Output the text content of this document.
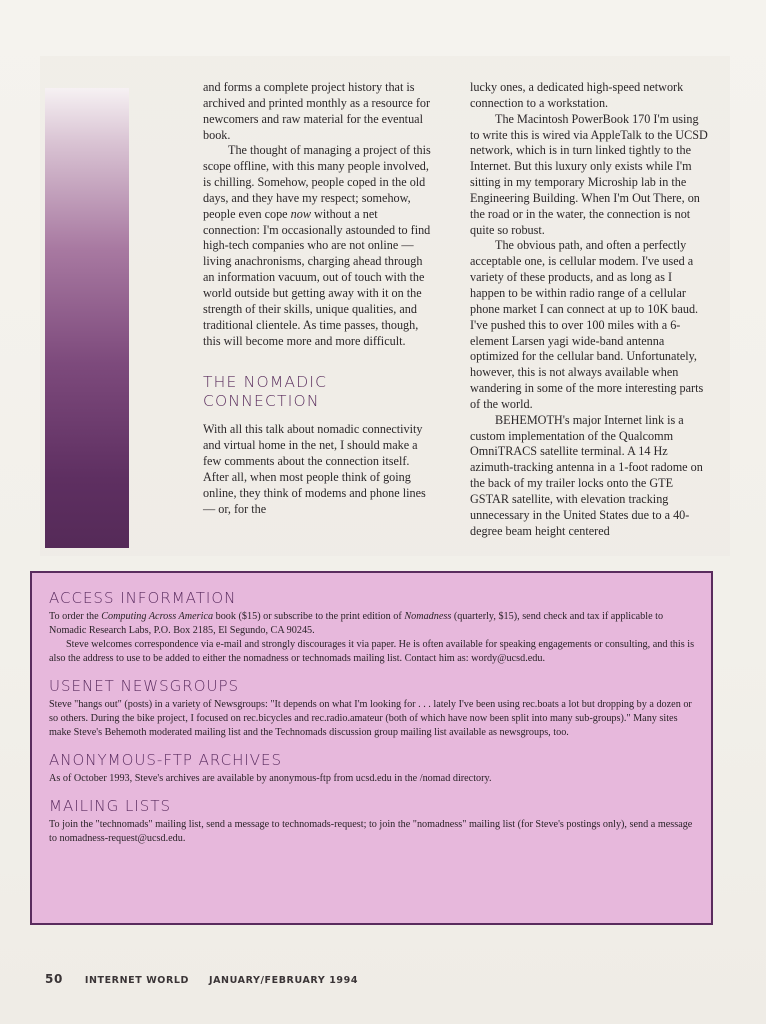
and forms a complete project history that is archived and printed monthly as a resource for newcomers and raw material for the eventual book.

The thought of managing a project of this scope offline, with this many people involved, is chilling. Somehow, people coped in the old days, and they have my respect; somehow, people even cope now without a net connection: I'm occasionally astounded to find high-tech companies who are not online — living anachronisms, charging ahead through an information vacuum, out of touch with the world outside but getting away with it on the strength of their skills, unique qualities, and traditional clientele. As time passes, though, this will become more and more difficult.

THE NOMADIC
CONNECTION

With all this talk about nomadic connectivity and virtual home in the net, I should make a few comments about the connection itself. After all, when most people think of going online, they think of modems and phone lines — or, for the

lucky ones, a dedicated high-speed network connection to a workstation.

The Macintosh PowerBook 170 I'm using to write this is wired via AppleTalk to the UCSD network, which is in turn linked tightly to the Internet. But this luxury only exists while I'm sitting in my temporary Microship lab in the Engineering Building. When I'm Out There, on the road or in the water, the connection is not quite so robust.

The obvious path, and often a perfectly acceptable one, is cellular modem. I've used a variety of these products, and as long as I happen to be within radio range of a cellular phone market I can connect at up to 10K baud. I've pushed this to over 100 miles with a 6-element Larsen yagi wide-band antenna optimized for the cellular band. Unfortunately, however, this is not always available when wandering in some of the more interesting parts of the world.

BEHEMOTH's major Internet link is a custom implementation of the Qualcomm OmniTRACS satellite terminal. A 14 Hz azimuth-tracking antenna in a 1-foot radome on the back of my trailer locks onto the GTE GSTAR satellite, with elevation tracking unnecessary in the United States due to a 40-degree beam height centered

ACCESS INFORMATION

To order the Computing Across America book ($15) or subscribe to the print edition of Nomadness (quarterly, $15), send check and tax if applicable to Nomadic Research Labs, P.O. Box 2185, El Segundo, CA 90245.

Steve welcomes correspondence via e-mail and strongly discourages it via paper. He is often available for speaking engagements or consulting, and this is also the address to use to be added to either the nomadness or technomads mailing list. Contact him as: wordy@ucsd.edu.

USENET NEWSGROUPS

Steve "hangs out" (posts) in a variety of Newsgroups: "It depends on what I'm looking for . . . lately I've been using rec.boats a lot but dropping by a dozen or so others. During the bike project, I focused on rec.bicycles and rec.radio.amateur (both of which have now been split into many sub-groups)." Many sites make Steve's Behemoth moderated mailing list and the Technomads discussion group mailing list available as newsgroups, too.

ANONYMOUS-FTP ARCHIVES

As of October 1993, Steve's archives are available by anonymous-ftp from ucsd.edu in the /nomad directory.

MAILING LISTS

To join the "technomads" mailing list, send a message to technomads-request; to join the "nomadness" mailing list (for Steve's postings only), send a message to nomadness-request@ucsd.edu.

50 INTERNET WORLD JANUARY/FEBRUARY 1994
